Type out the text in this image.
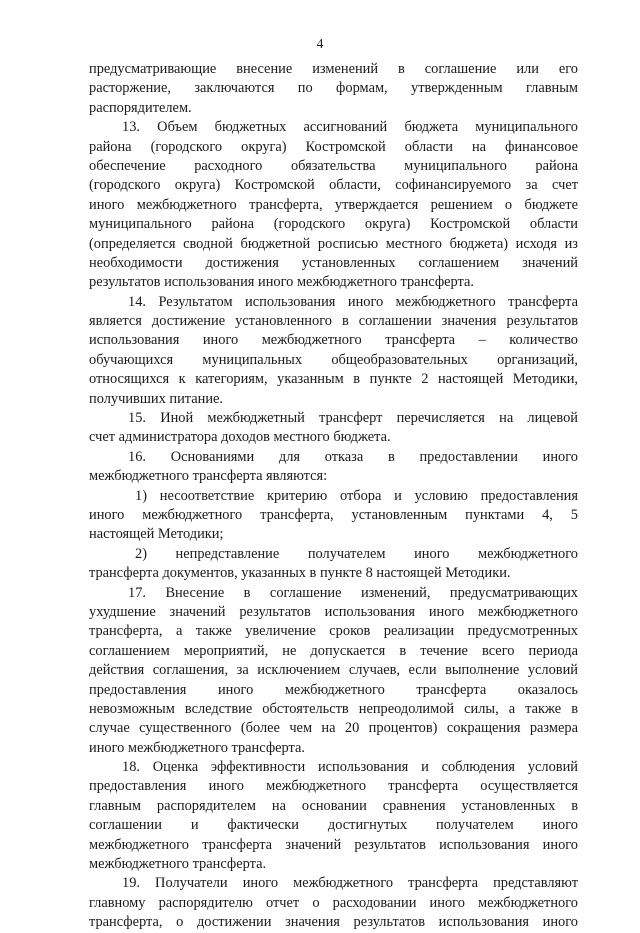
4
предусматривающие внесение изменений в соглашение или его
расторжение, заключаются по формам, утвержденным главным
распорядителем.
13. Объем бюджетных ассигнований бюджета муниципального
района (городского округа) Костромской области на финансовое
обеспечение расходного обязательства муниципального района
(городского округа) Костромской области, софинансируемого за счет
иного межбюджетного трансферта, утверждается решением о бюджете
муниципального района (городского округа) Костромской области
(определяется сводной бюджетной росписью местного бюджета) исходя из
необходимости достижения установленных соглашением значений
результатов использования иного межбюджетного трансферта.
14. Результатом использования иного межбюджетного трансферта
является достижение установленного в соглашении значения результатов
использования иного межбюджетного трансферта – количество
обучающихся муниципальных общеобразовательных организаций,
относящихся к категориям, указанным в пункте 2 настоящей Методики,
получивших питание.
15. Иной межбюджетный трансферт перечисляется на лицевой
счет администратора доходов местного бюджета.
16. Основаниями для отказа в предоставлении иного
межбюджетного трансферта являются:
1) несоответствие критерию отбора и условию предоставления
иного межбюджетного трансферта, установленным пунктами 4, 5
настоящей Методики;
2) непредставление получателем иного межбюджетного
трансферта документов, указанных в пункте 8 настоящей Методики.
17. Внесение в соглашение изменений, предусматривающих
ухудшение значений результатов использования иного межбюджетного
трансферта, а также увеличение сроков реализации предусмотренных
соглашением мероприятий, не допускается в течение всего периода
действия соглашения, за исключением случаев, если выполнение условий
предоставления иного межбюджетного трансферта оказалось
невозможным вследствие обстоятельств непреодолимой силы, а также в
случае существенного (более чем на 20 процентов) сокращения размера
иного межбюджетного трансферта.
18. Оценка эффективности использования и соблюдения условий
предоставления иного межбюджетного трансферта осуществляется
главным распорядителем на основании сравнения установленных в
соглашении и фактически достигнутых получателем иного
межбюджетного трансферта значений результатов использования иного
межбюджетного трансферта.
19. Получатели иного межбюджетного трансферта представляют
главному распорядителю отчет о расходовании иного межбюджетного
трансферта, о достижении значения результатов использования иного
